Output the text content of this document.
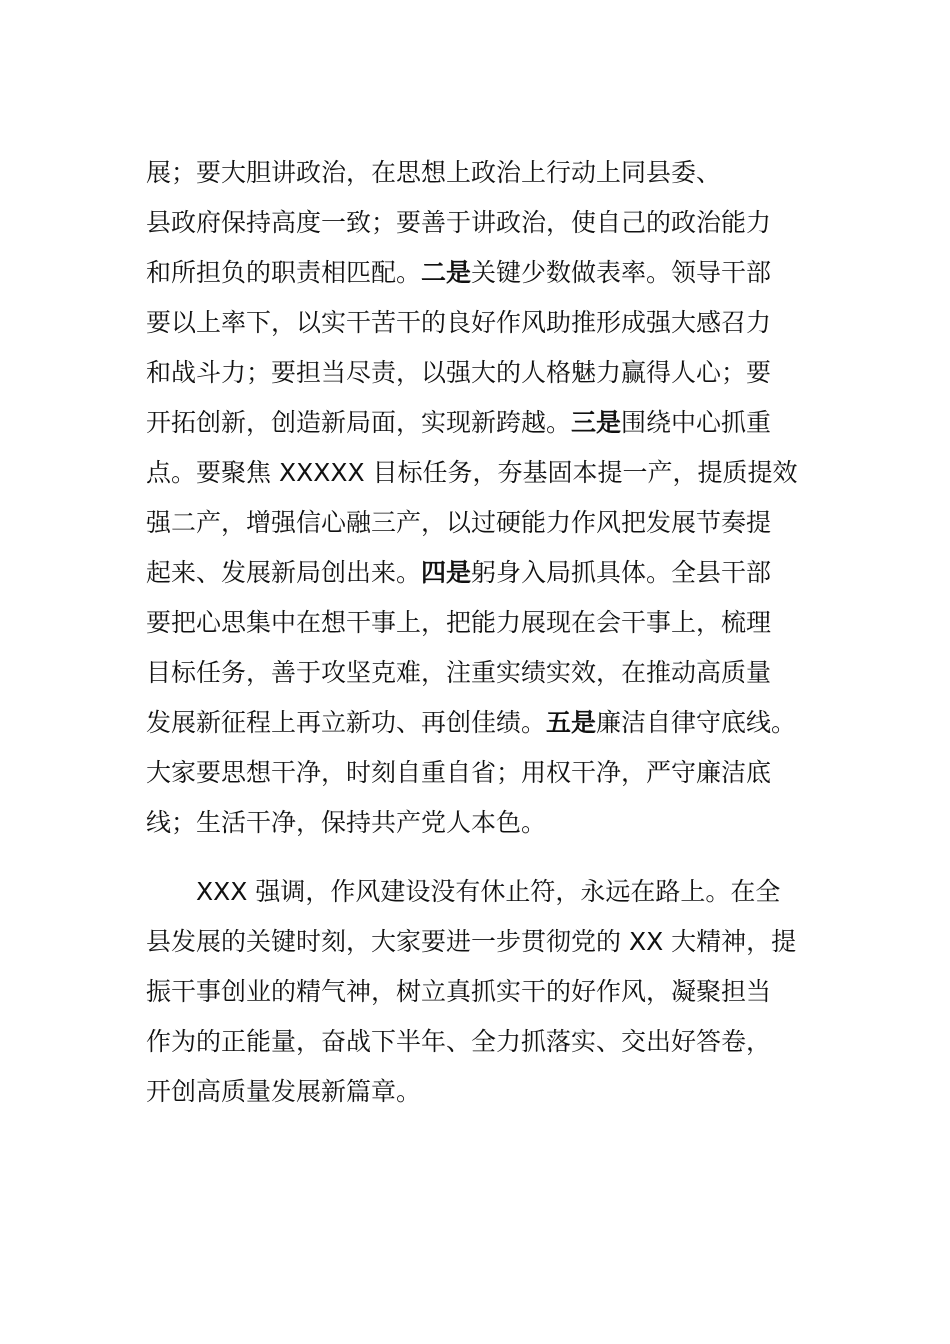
展；要大胆讲政治，在思想上政治上行动上同县委、
县政府保持高度一致；要善于讲政治，使自己的政治能力
和所担负的职责相匹配。二是关键少数做表率。领导干部
要以上率下，以实干苦干的良好作风助推形成强大感召力
和战斗力；要担当尽责，以强大的人格魅力赢得人心；要
开拓创新，创造新局面，实现新跨越。三是围绕中心抓重
点。要聚焦 XXXXX 目标任务，夯基固本提一产，提质提效
强二产，增强信心融三产，以过硬能力作风把发展节奏提
起来、发展新局创出来。四是躬身入局抓具体。全县干部
要把心思集中在想干事上，把能力展现在会干事上，梳理
目标任务，善于攻坚克难，注重实绩实效，在推动高质量
发展新征程上再立新功、再创佳绩。五是廉洁自律守底线。
大家要思想干净，时刻自重自省；用权干净，严守廉洁底
线；生活干净，保持共产党人本色。

XXX 强调，作风建设没有休止符，永远在路上。在全
县发展的关键时刻，大家要进一步贯彻党的 XX 大精神，提
振干事创业的精气神，树立真抓实干的好作风，凝聚担当
作为的正能量，奋战下半年、全力抓落实、交出好答卷，
开创高质量发展新篇章。
